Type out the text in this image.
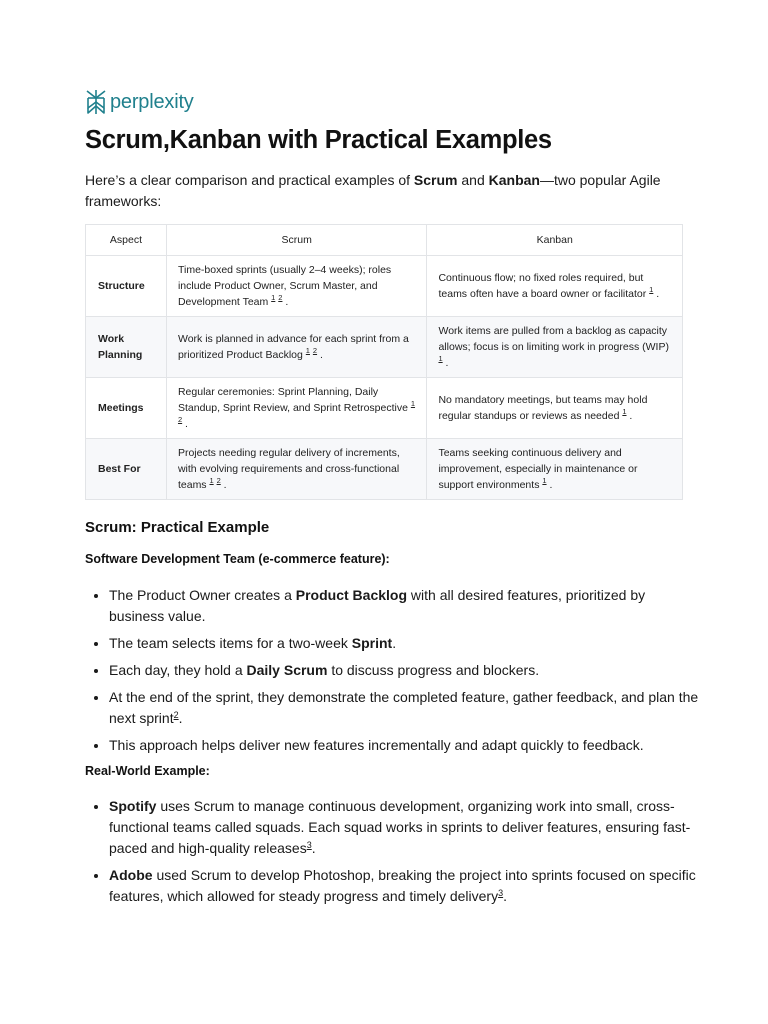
perplexity
Scrum,Kanban with Practical Examples

Here’s a clear comparison and practical examples of Scrum and Kanban—two popular Agile frameworks:

Aspect	Scrum	Kanban
Structure	Time-boxed sprints (usually 2–4 weeks); roles include Product Owner, Scrum Master, and Development Team $^1$ $^2$ .	Continuous flow; no fixed roles required, but teams often have a board owner or facilitator $^1$ .
Work Planning	Work is planned in advance for each sprint from a prioritized Product Backlog $^1$ $^2$ .	Work items are pulled from a backlog as capacity allows; focus is on limiting work in progress (WIP) $^1$ .
Meetings	Regular ceremonies: Sprint Planning, Daily Standup, Sprint Review, and Sprint Retrospective $^1$ $^2$ .	No mandatory meetings, but teams may hold regular standups or reviews as needed $^1$ .
Best For	Projects needing regular delivery of increments, with evolving requirements and cross-functional teams $^1$ $^2$ .	Teams seeking continuous delivery and improvement, especially in maintenance or support environments $^1$ .
Scrum: Practical Example

Software Development Team (e-commerce feature):

• The Product Owner creates a Product Backlog with all desired features, prioritized by business value.
• The team selects items for a two-week Sprint.
• Each day, they hold a Daily Scrum to discuss progress and blockers.
• At the end of the sprint, they demonstrate the completed feature, gather feedback, and plan the next sprint$^2$.
• This approach helps deliver new features incrementally and adapt quickly to feedback.

Real-World Example:

• Spotify uses Scrum to manage continuous development, organizing work into small, cross-functional teams called squads. Each squad works in sprints to deliver features, ensuring fast-paced and high-quality releases$^3$.
• Adobe used Scrum to develop Photoshop, breaking the project into sprints focused on specific features, which allowed for steady progress and timely delivery$^3$.
